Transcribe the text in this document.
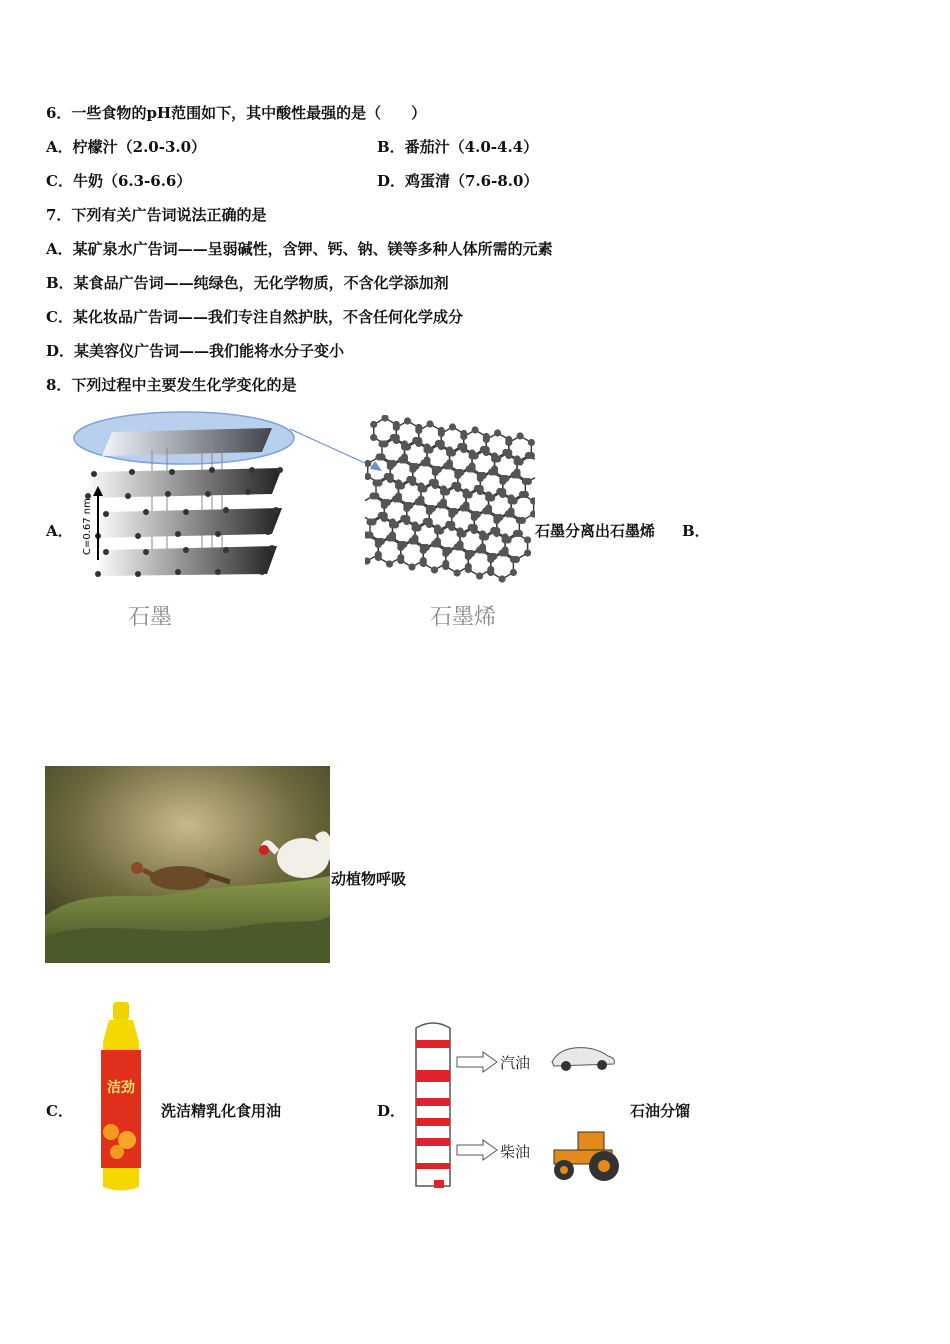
6．一些食物的pH范围如下，其中酸性最强的是（　　）
A．柠檬汁（2.0-3.0）	B．番茄汁（4.0-4.4）
C．牛奶（6.3-6.6）	D．鸡蛋清（7.6-8.0）
7．下列有关广告词说法正确的是
A．某矿泉水广告词——呈弱碱性，含钾、钙、钠、镁等多种人体所需的元素
B．某食品广告词——纯绿色，无化学物质，不含化学添加剂
C．某化妆品广告词——我们专注自然护肤，不含任何化学成分
D．某美容仪广告词——我们能将水分子变小
8．下列过程中主要发生化学变化的是
A． C=0.67 nm
石墨	石墨烯
石墨分离出石墨烯 B．
动植物呼吸
C．
洁劲
洗洁精乳化食用油	D．
汽油
柴油
石油分馏
